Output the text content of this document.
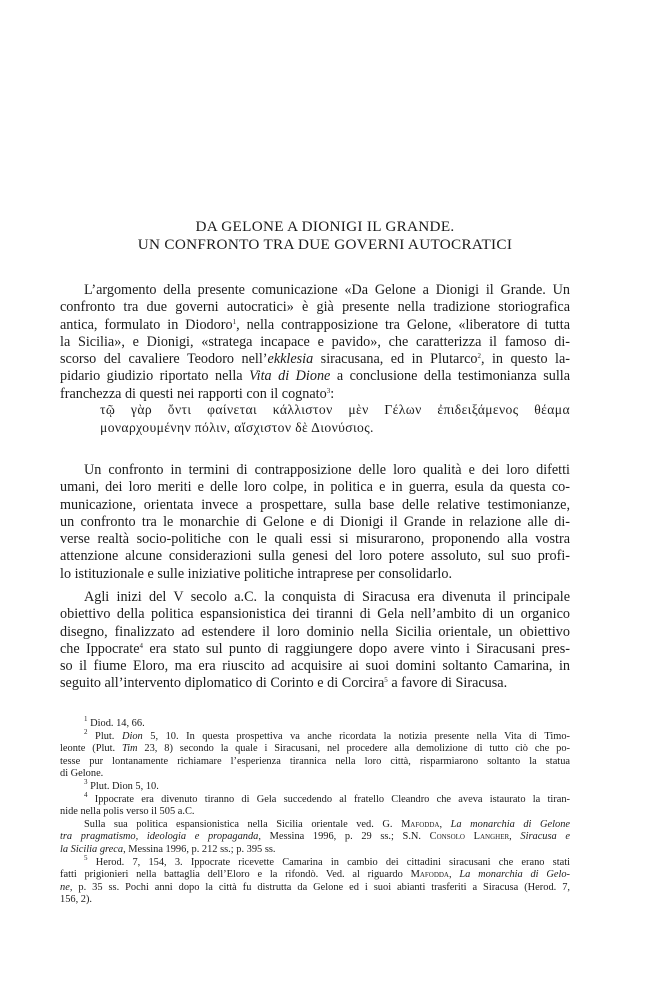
DA GELONE A DIONIGI IL GRANDE.
UN CONFRONTO TRA DUE GOVERNI AUTOCRATICI
L’argomento della presente comunicazione «Da Gelone a Dionigi il Grande. Un
confronto tra due governi autocratici» è già presente nella tradizione storiografica
antica, formulato in Diodoro$^1$, nella contrapposizione tra Gelone, «liberatore di tutta
la Sicilia», e Dionigi, «stratega incapace e pavido», che caratterizza il famoso di-
scorso del cavaliere Teodoro nell’ekklesia siracusana, ed in Plutarco$^2$, in questo la-
pidario giudizio riportato nella Vita di Dione a conclusione della testimonianza sulla
franchezza di questi nei rapporti con il cognato$^3$:
τῷ γὰρ ὄντι φαίνεται κάλλιστον μὲν Γέλων ἐπιδειξάμενος θέαμα
μοναρχουμένην πόλιν, αἴσχιστον δὲ Διονύσιος.
Un confronto in termini di contrapposizione delle loro qualità e dei loro difetti
umani, dei loro meriti e delle loro colpe, in politica e in guerra, esula da questa co-
municazione, orientata invece a prospettare, sulla base delle relative testimonianze,
un confronto tra le monarchie di Gelone e di Dionigi il Grande in relazione alle di-
verse realtà socio-politiche con le quali essi si misurarono, proponendo alla vostra
attenzione alcune considerazioni sulla genesi del loro potere assoluto, sul suo profi-
lo istituzionale e sulle iniziative politiche intraprese per consolidarlo.
Agli inizi del V secolo a.C. la conquista di Siracusa era divenuta il principale
obiettivo della politica espansionistica dei tiranni di Gela nell’ambito di un organico
disegno, finalizzato ad estendere il loro dominio nella Sicilia orientale, un obiettivo
che Ippocrate$^4$ era stato sul punto di raggiungere dopo avere vinto i Siracusani pres-
so il fiume Eloro, ma era riuscito ad acquisire ai suoi domini soltanto Camarina, in
seguito all’intervento diplomatico di Corinto e di Corcira$^5$ a favore di Siracusa.
$^1$ Diod. 14, 66.
$^2$ Plut. Dion 5, 10. In questa prospettiva va anche ricordata la notizia presente nella Vita di Timo-
leonte (Plut. Tim 23, 8) secondo la quale i Siracusani, nel procedere alla demolizione di tutto ciò che po-
tesse pur lontanamente richiamare l’esperienza tirannica nella loro città, risparmiarono soltanto la statua
di Gelone.
$^3$ Plut. Dion 5, 10.
$^4$ Ippocrate era divenuto tiranno di Gela succedendo al fratello Cleandro che aveva istaurato la tiran-
nide nella polis verso il 505 a.C.
Sulla sua politica espansionistica nella Sicilia orientale ved. G. Mafodda, La monarchia di Gelone
tra pragmatismo, ideologia e propaganda, Messina 1996, p. 29 ss.; S.N. Consolo Langher, Siracusa e
la Sicilia greca, Messina 1996, p. 212 ss.; p. 395 ss.
$^5$ Herod. 7, 154, 3. Ippocrate ricevette Camarina in cambio dei cittadini siracusani che erano stati
fatti prigionieri nella battaglia dell’Eloro e la rifondò. Ved. al riguardo Mafodda, La monarchia di Gelo-
ne, p. 35 ss. Pochi anni dopo la città fu distrutta da Gelone ed i suoi abianti trasferiti a Siracusa (Herod. 7,
156, 2).
